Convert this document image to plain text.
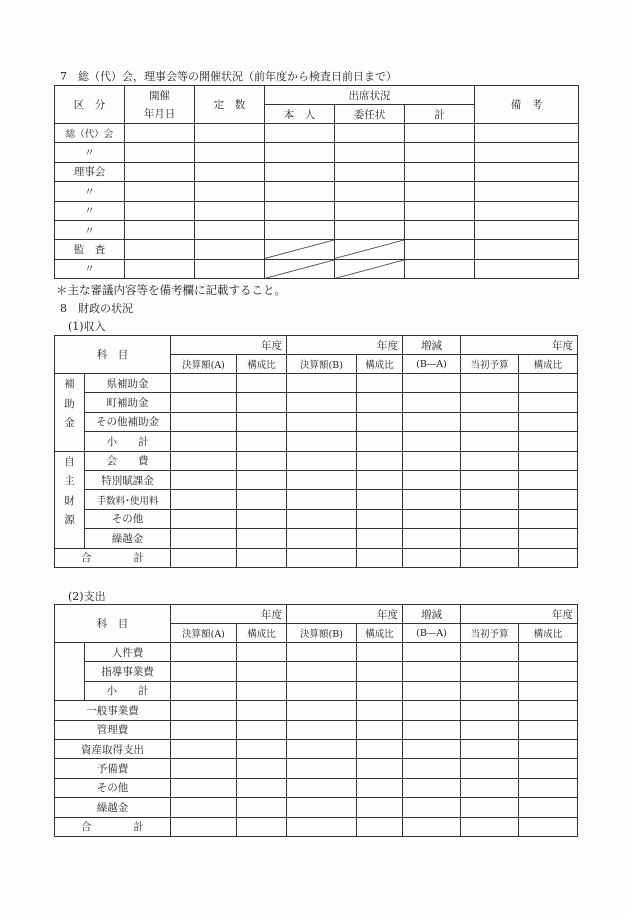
7　総（代）会，理事会等の開催状況（前年度から検査日前日まで）
区　分	開催	定　数	出席状況			備　考
	年月日		本　人	委任状	計	
総（代）会						
〃						
理事会						
〃						
〃						
〃						
監　査			

〃			

＊主な審議内容等を備考欄に記載すること。
8　財政の状況
(1)収入
科　目		年度		年度		増減	年度	
		決算額(A)	構成比	決算額(B)	構成比	(B―A)	当初予算	構成比

補
助
金	県補助金							
	町補助金							
	その他補助金							
	小　　計							

自
主
財
源	会　　費							
	特別賦課金							
	手数料･使用料							
	その他							
	繰越金							
合　　　　計								
(2)支出
科　目		年度		年度		増減	年度	
		決算額(A)	構成比	決算額(B)	構成比	(B―A)	当初予算	構成比
	人件費							
	指導事業費							
	小　　計							
一般事業費								
管理費								
資産取得支出								
予備費								
その他								
繰越金								
合　　　　計								
